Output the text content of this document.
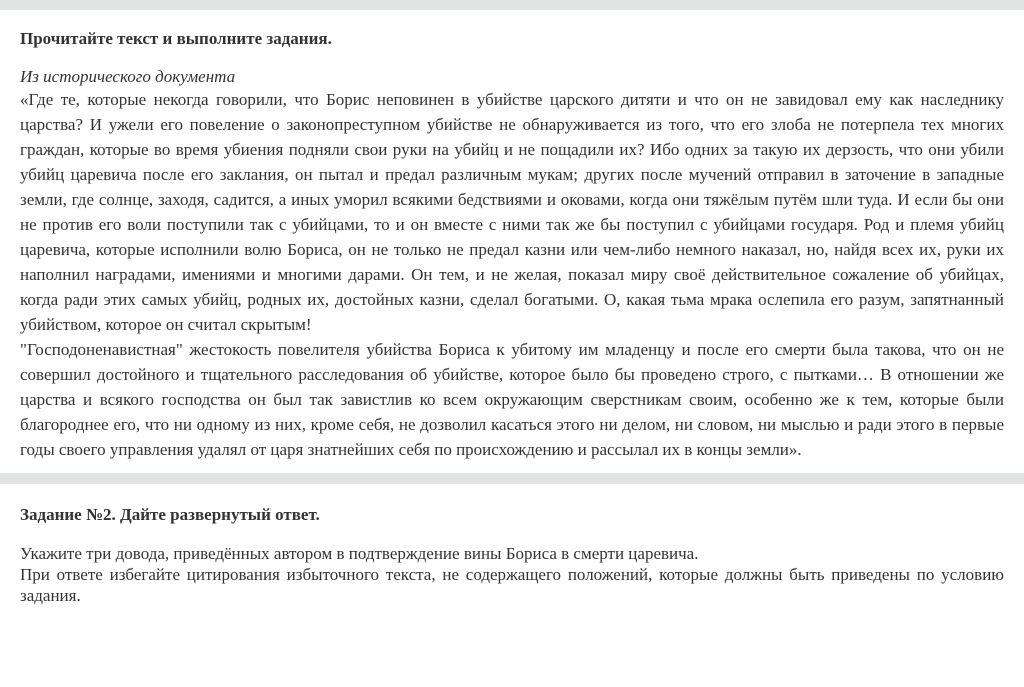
Прочитайте текст и выполните задания.

Из исторического документа

«Где те, которые некогда говорили, что Борис неповинен в убийстве царского дитяти и что он не завидовал ему как наследнику царства? И ужели его повеление о законопреступном убийстве не обнаруживается из того, что его злоба не потерпела тех многих граждан, которые во время убиения подняли свои руки на убийц и не пощадили их? Ибо одних за такую их дерзость, что они убили убийц царевича после его заклания, он пытал и предал различным мукам; других после мучений отправил в заточение в западные земли, где солнце, заходя, садится, а иных уморил всякими бедствиями и оковами, когда они тяжёлым путём шли туда. И если бы они не против его воли поступили так с убийцами, то и он вместе с ними так же бы поступил с убийцами государя. Род и племя убийц царевича, которые исполнили волю Бориса, он не только не предал казни или чем-либо немного наказал, но, найдя всех их, руки их наполнил наградами, имениями и многими дарами. Он тем, и не желая, показал миру своё действительное сожаление об убийцах, когда ради этих самых убийц, родных их, достойных казни, сделал богатыми. О, какая тьма мрака ослепила его разум, запятнанный убийством, которое он считал скрытым!

"Господоненавистная" жестокость повелителя убийства Бориса к убитому им младенцу и после его смерти была такова, что он не совершил достойного и тщательного расследования об убийстве, которое было бы проведено строго, с пытками… В отношении же царства и всякого господства он был так завистлив ко всем окружающим сверстникам своим, особенно же к тем, которые были благороднее его, что ни одному из них, кроме себя, не дозволил касаться этого ни делом, ни словом, ни мыслью и ради этого в первые годы своего управления удалял от царя знатнейших себя по происхождению и рассылал их в концы земли».

Задание №2. Дайте развернутый ответ.

Укажите три довода, приведённых автором в подтверждение вины Бориса в смерти царевича.

При ответе избегайте цитирования избыточного текста, не содержащего положений, которые должны быть приведены по условию задания.
